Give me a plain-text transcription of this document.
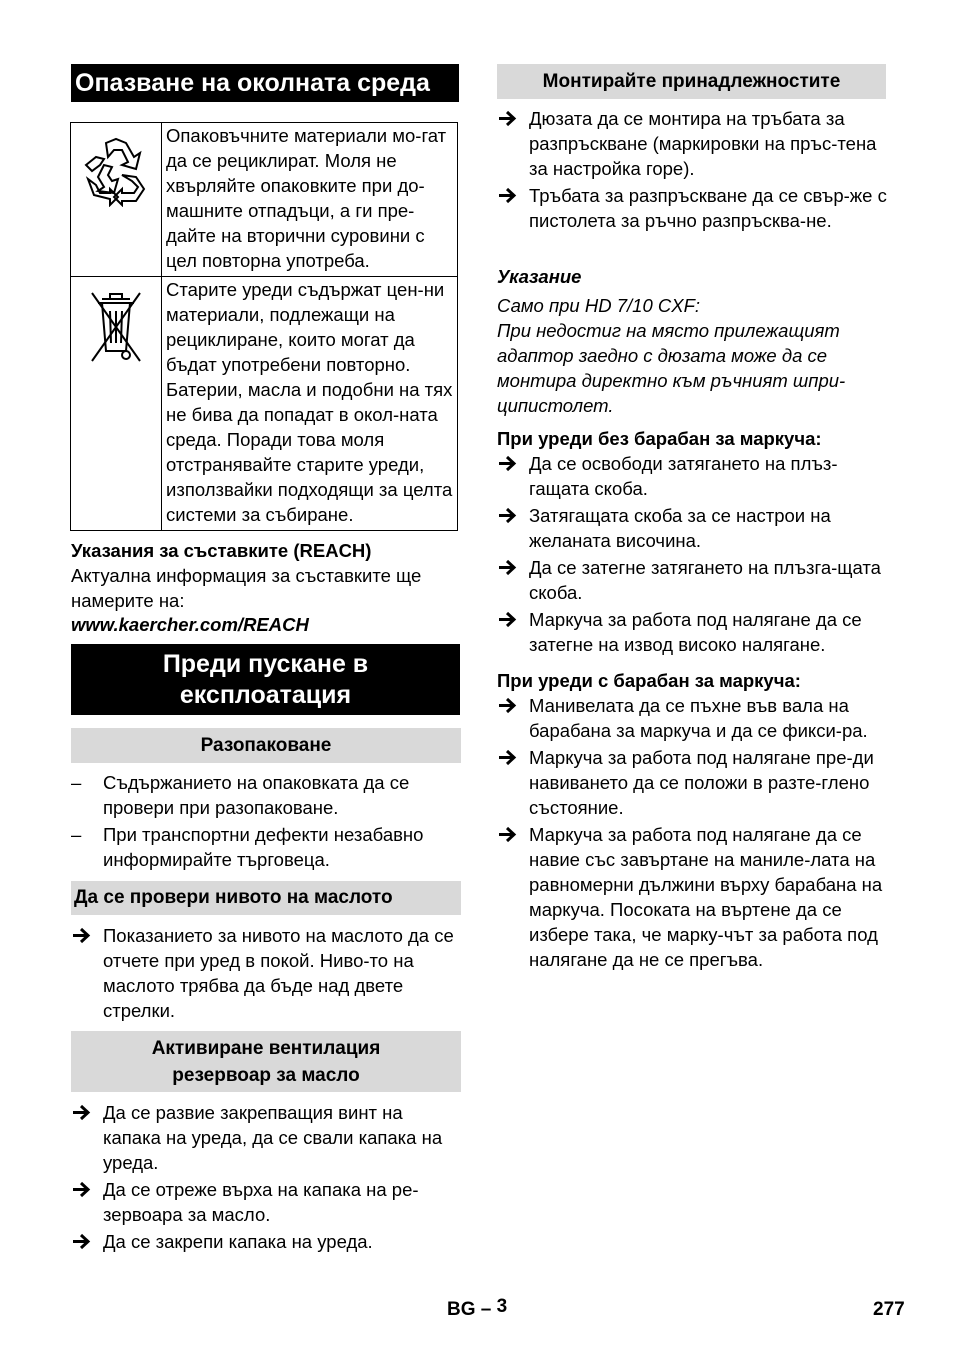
Опазване на околната среда
	Опаковъчните материали мо-гат да се рециклират. Моля не хвърляйте опаковките при до-машните отпадъци, а ги пре-дайте на вторични суровини с цел повторна употреба.
	Старите уреди съдържат цен-ни материали, подлежащи на рециклиране, които могат да бъдат употребени повторно. Батерии, масла и подобни на тях не бива да попадат в окол-ната среда. Поради това моля отстранявайте старите уреди, използвайки подходящи за целта системи за събиране.
Указания за съставките (REACH)
Актуална информация за съставките ще намерите на:
www.kaercher.com/REACH
Преди пускане в
експлоатация
Разопаковане
– Съдържанието на опаковката да се провери при разопаковане.
– При транспортни дефекти незабавно информирайте търговеца.
Да се провери нивото на маслото
Показанието за нивото на маслото да се отчете при уред в покой. Ниво-то на маслото трябва да бъде над двете стрелки.
Активиране вентилация
резервоар за масло
Да се развие закрепващия винт на капака на уреда, да се свали капака на уреда.
Да се отреже върха на капака на ре-зервоара за масло.
Да се закрепи капака на уреда.
Монтирайте принадлежностите
Дюзата да се монтира на тръбата за разпръскване (маркировки на пръс-тена за настройка горе).
Тръбата за разпръскване да се свър-же с пистолета за ръчно разпръсква-не.
Указание
Само при HD 7/10 CXF:
При недостиг на място прилежащият адаптор заедно с дюзата може да се монтира директно към ръчният шпри-ципистолет.
При уреди без барабан за маркуча:
Да се освободи затягането на плъз-гащата скоба.
Затягащата скоба за се настрои на желаната височина.
Да се затегне затягането на плъзга-щата скоба.
Маркуча за работа под налягане да се затегне на извод високо налягане.
При уреди с барабан за маркуча:
Манивелата да се пъхне във вала на барабана за маркуча и да се фикси-ра.
Маркуча за работа под налягане пре-ди навиването да се положи в разте-глено състояние.
Маркуча за работа под налягане да се навие със завъртане на маниле-лата на равномерни дължини върху барабана на маркуча. Посоката на въртене да се избере така, че марку-чът за работа под налягане да не се прегъва.
BG – 3	277
